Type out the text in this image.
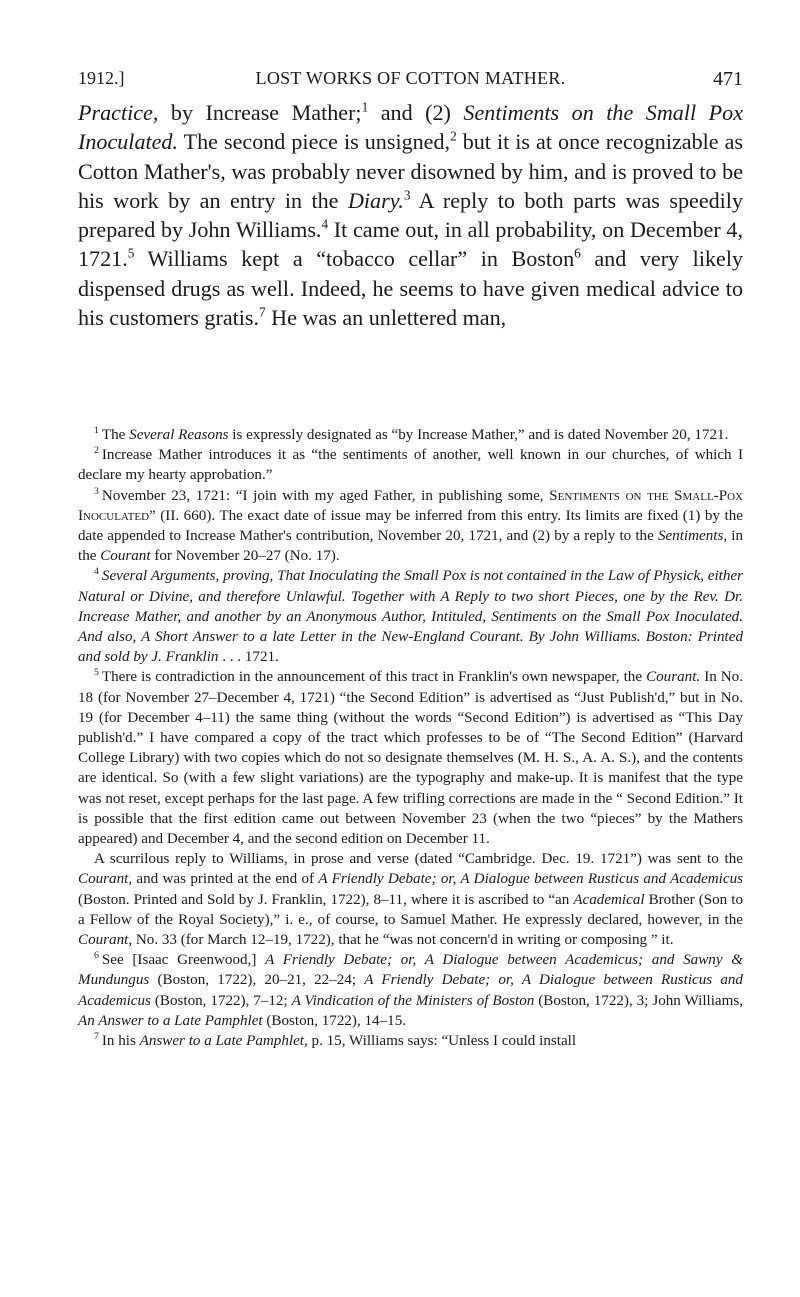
1912.]	LOST WORKS OF COTTON MATHER.	471

Practice, by Increase Mather;$^1$ and (2) Sentiments on the Small Pox Inoculated. The second piece is unsigned,$^2$ but it is at once recognizable as Cotton Mather's, was probably never disowned by him, and is proved to be his work by an entry in the Diary.$^3$ A reply to both parts was speedily prepared by John Williams.$^4$ It came out, in all probability, on December 4, 1721.$^5$ Williams kept a “tobacco cellar” in Boston$^6$ and very likely dispensed drugs as well. Indeed, he seems to have given medical advice to his customers gratis.$^7$ He was an unlettered man,

$^1$ The Several Reasons is expressly designated as “by Increase Mather,” and is dated November 20, 1721.

$^2$ Increase Mather introduces it as “the sentiments of another, well known in our churches, of which I declare my hearty approbation.”

$^3$ November 23, 1721: “I join with my aged Father, in publishing some, Sentiments on the Small-Pox Inoculated” (II. 660). The exact date of issue may be inferred from this entry. Its limits are fixed (1) by the date appended to Increase Mather's contribution, November 20, 1721, and (2) by a reply to the Sentiments, in the Courant for November 20–27 (No. 17).

$^4$ Several Arguments, proving, That Inoculating the Small Pox is not contained in the Law of Physick, either Natural or Divine, and therefore Unlawful. Together with A Reply to two short Pieces, one by the Rev. Dr. Increase Mather, and another by an Anonymous Author, Intituled, Sentiments on the Small Pox Inoculated. And also, A Short Answer to a late Letter in the New-England Courant. By John Williams. Boston: Printed and sold by J. Franklin . . . 1721.

$^5$ There is contradiction in the announcement of this tract in Franklin's own newspaper, the Courant. In No. 18 (for November 27–December 4, 1721) “the Second Edition” is advertised as “Just Publish'd,” but in No. 19 (for December 4–11) the same thing (without the words “Second Edition”) is advertised as “This Day publish'd.” I have compared a copy of the tract which professes to be of “The Second Edition” (Harvard College Library) with two copies which do not so designate themselves (M. H. S., A. A. S.), and the contents are identical. So (with a few slight variations) are the typography and make-up. It is manifest that the type was not reset, except perhaps for the last page. A few trifling corrections are made in the “ Second Edition.” It is possible that the first edition came out between November 23 (when the two “pieces” by the Mathers appeared) and December 4, and the second edition on December 11.

A scurrilous reply to Williams, in prose and verse (dated “Cambridge. Dec. 19. 1721”) was sent to the Courant, and was printed at the end of A Friendly Debate; or, A Dialogue between Rusticus and Academicus (Boston. Printed and Sold by J. Franklin, 1722), 8–11, where it is ascribed to “an Academical Brother (Son to a Fellow of the Royal Society),” i. e., of course, to Samuel Mather. He expressly declared, however, in the Courant, No. 33 (for March 12–19, 1722), that he “was not concern'd in writing or composing ” it.

$^6$ See [Isaac Greenwood,] A Friendly Debate; or, A Dialogue between Academicus; and Sawny & Mundungus (Boston, 1722), 20–21, 22–24; A Friendly Debate; or, A Dialogue between Rusticus and Academicus (Boston, 1722), 7–12; A Vindication of the Ministers of Boston (Boston, 1722), 3; John Williams, An Answer to a Late Pamphlet (Boston, 1722), 14–15.

$^7$ In his Answer to a Late Pamphlet, p. 15, Williams says: “Unless I could install
